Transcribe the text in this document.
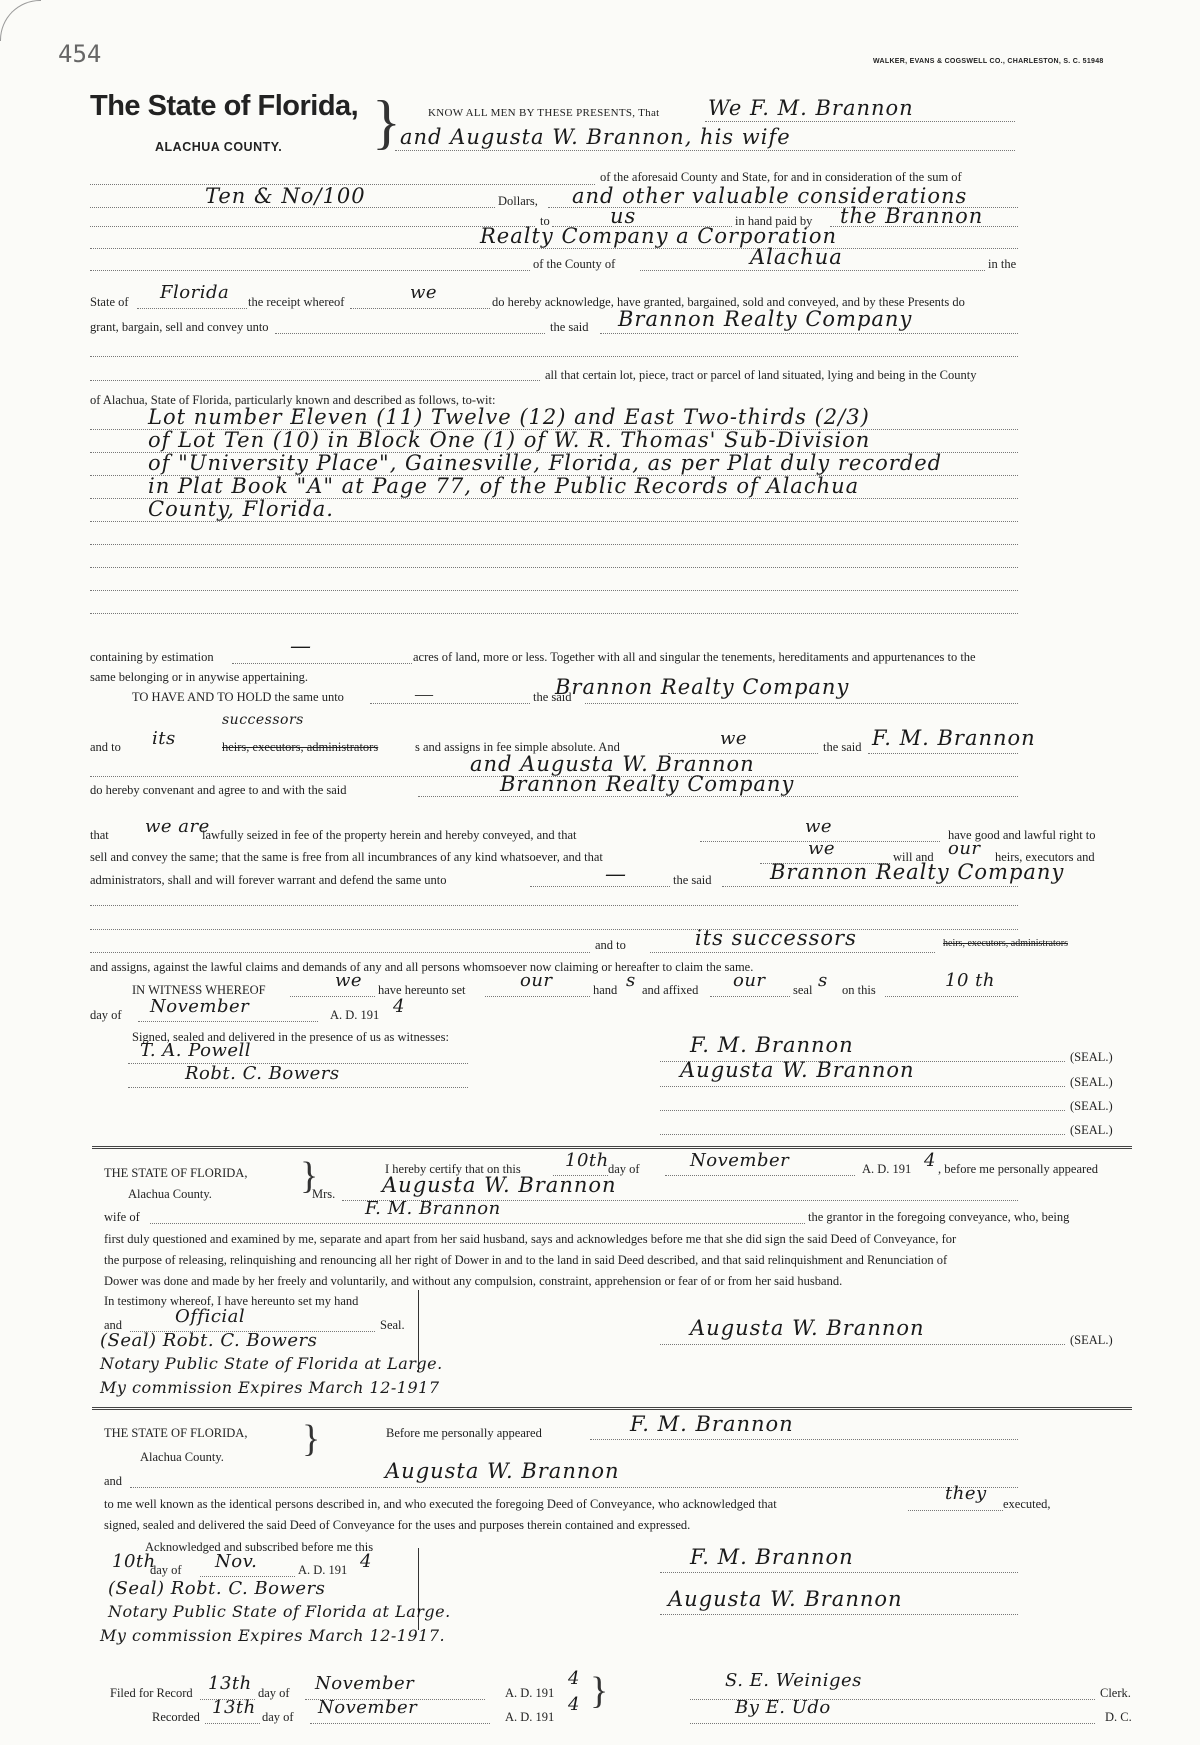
454	WALKER, EVANS & COGSWELL CO., CHARLESTON, S. C. 51948
The State of Florida,
ALACHUA COUNTY. } KNOW ALL MEN BY THESE PRESENTS, That We F. M. Brannon
and Augusta W. Brannon, his wife
of the aforesaid County and State, for and in consideration of the sum of
Ten & No/100	Dollars, and other valuable considerations
to	us	in hand paid by the Brannon
Realty Company a Corporation
of the County of	Alachua	in the
State of Florida the receipt whereof	we	do hereby acknowledge, have granted, bargained, sold and conveyed, and by these Presents do
grant, bargain, sell and convey unto	the said Brannon Realty Company
all that certain lot, piece, tract or parcel of land situated, lying and being in the County
of Alachua, State of Florida, particularly known and described as follows, to-wit:
Lot number Eleven (11) Twelve (12) and East Two-thirds (2/3)
of Lot Ten (10) in Block One (1) of W. R. Thomas' Sub-Division
of "University Place", Gainesville, Florida, as per Plat duly recorded
in Plat Book "A" at Page 77, of the Public Records of Alachua
County, Florida.
containing by estimation	—	acres of land, more or less. Together with all and singular the tenements, hereditaments and appurtenances to the
same belonging or in anywise appertaining.
TO HAVE AND TO HOLD the same unto	—	the said
Brannon Realty Company
and to its
successors
heirs, executors, administrators	s and assigns in fee simple absolute. And	we	the said F. M. Brannon
and Augusta W. Brannon
do hereby convenant and agree to and with the said	Brannon Realty Company
that we are
lawfully seized in fee of the property herein and hereby conveyed, and that	we	have good and lawful right to
sell and convey the same; that the same is free from all incumbrances of any kind whatsoever, and that	we	will and our heirs, executors and
administrators, shall and will forever warrant and defend the same unto	—	the said	Brannon Realty Company
and to	its successors	heirs, executors, administrators
and assigns, against the lawful claims and demands of any and all persons whomsoever now claiming or hereafter to claim the same.
IN WITNESS WHEREOF	we have hereunto set	our	hand s and affixed our seal s on this	10 th
day of November	A. D. 191 4
Signed, sealed and delivered in the presence of us as witnesses:
T. A. Powell
Robt. C. Bowers
F. M. Brannon	(SEAL.)
Augusta W. Brannon	(SEAL.)
(SEAL.)
(SEAL.)
THE STATE OF FLORIDA,
Alachua County. }	I hereby certify that on this 10th day of	November	A. D. 191 4 , before me personally appeared
Mrs. Augusta W. Brannon
wife of	F. M. Brannon	the grantor in the foregoing conveyance, who, being
first duly questioned and examined by me, separate and apart from her said husband, says and acknowledges before me that she did sign the said Deed of Conveyance, for
the purpose of releasing, relinquishing and renouncing all her right of Dower in and to the land in said Deed described, and that said relinquishment and Renunciation of
Dower was done and made by her freely and voluntarily, and without any compulsion, constraint, apprehension or fear of or from her said husband.
In testimony whereof, I have hereunto set my hand
and	Official	Seal.
(Seal) Robt. C. Bowers
Notary Public State of Florida at Large.
My commission Expires March 12-1917
Augusta W. Brannon	(SEAL.)
THE STATE OF FLORIDA,
Alachua County. }	Before me personally appeared	F. M. Brannon
and	Augusta W. Brannon
to me well known as the identical persons described in, and who executed the foregoing Deed of Conveyance, who acknowledged that	they executed,
signed, sealed and delivered the said Deed of Conveyance for the uses and purposes therein contained and expressed.
Acknowledged and subscribed before me this
10th
day of Nov.	A. D. 191 4
(Seal) Robt. C. Bowers
Notary Public State of Florida at Large.
My commission Expires March 12-1917.
F. M. Brannon
Augusta W. Brannon
Filed for Record 13th day of November	A. D. 191
4
Recorded 13th day of November	A. D. 191
4 }	S. E. Weiniges
Clerk.
By E. Udo	D. C.
